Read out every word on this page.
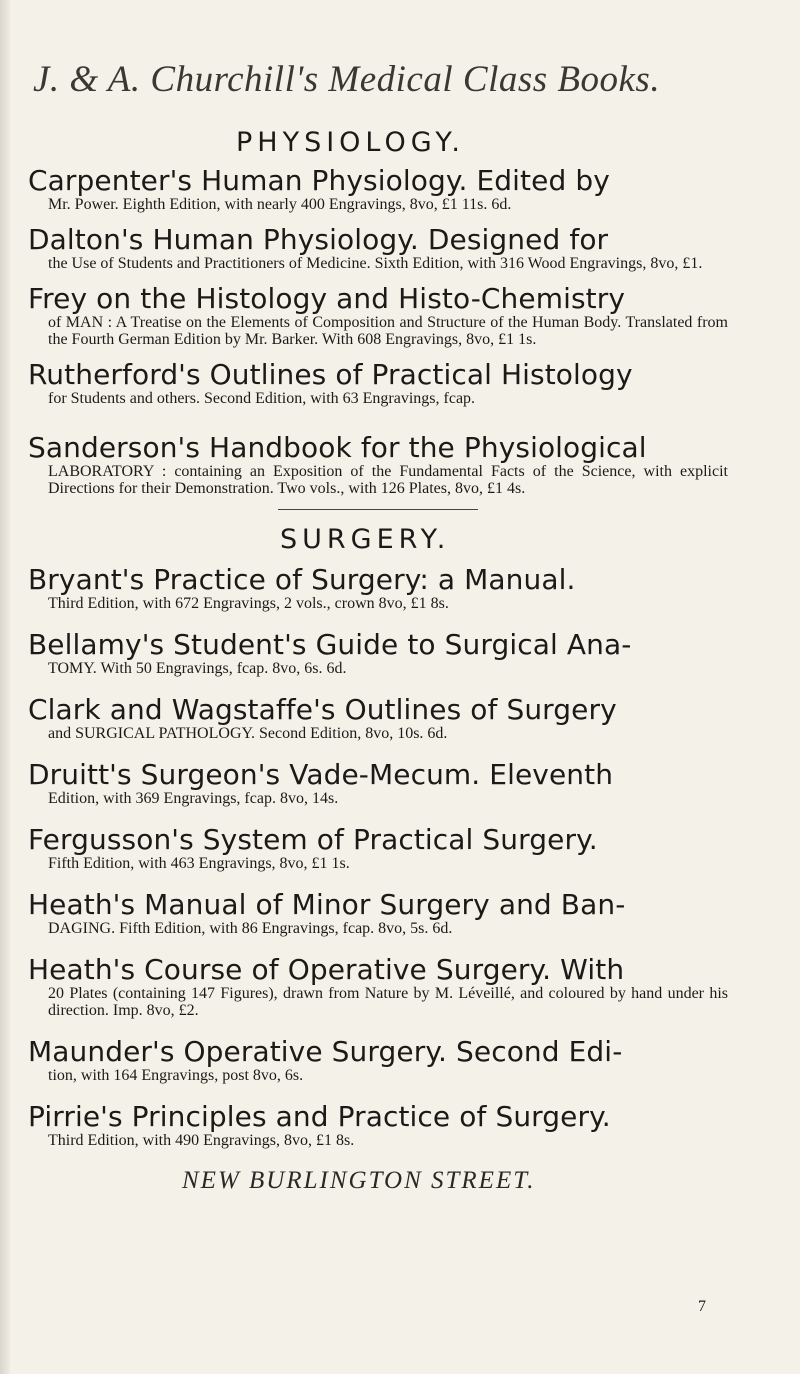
J. & A. Churchill's Medical Class Books.
PHYSIOLOGY.
Carpenter's Human Physiology. Edited by
Mr. Power. Eighth Edition, with nearly 400 Engravings, 8vo, £1 11s. 6d.
Dalton's Human Physiology. Designed for
the Use of Students and Practitioners of Medicine. Sixth Edition, with 316 Wood Engravings, 8vo, £1.
Frey on the Histology and Histo-Chemistry
of MAN : A Treatise on the Elements of Composition and Structure of the Human Body. Translated from the Fourth German Edition by Mr. Barker. With 608 Engravings, 8vo, £1 1s.
Rutherford's Outlines of Practical Histology
for Students and others. Second Edition, with 63 Engravings, fcap.
Sanderson's Handbook for the Physiological
LABORATORY : containing an Exposition of the Fundamental Facts of the Science, with explicit Directions for their Demonstration. Two vols., with 126 Plates, 8vo, £1 4s.
SURGERY.
Bryant's Practice of Surgery: a Manual.
Third Edition, with 672 Engravings, 2 vols., crown 8vo, £1 8s.
Bellamy's Student's Guide to Surgical Ana-
TOMY. With 50 Engravings, fcap. 8vo, 6s. 6d.
Clark and Wagstaffe's Outlines of Surgery
and SURGICAL PATHOLOGY. Second Edition, 8vo, 10s. 6d.
Druitt's Surgeon's Vade-Mecum. Eleventh
Edition, with 369 Engravings, fcap. 8vo, 14s.
Fergusson's System of Practical Surgery.
Fifth Edition, with 463 Engravings, 8vo, £1 1s.
Heath's Manual of Minor Surgery and Ban-
DAGING. Fifth Edition, with 86 Engravings, fcap. 8vo, 5s. 6d.
Heath's Course of Operative Surgery. With
20 Plates (containing 147 Figures), drawn from Nature by M. Léveillé, and coloured by hand under his direction. Imp. 8vo, £2.
Maunder's Operative Surgery. Second Edi-
tion, with 164 Engravings, post 8vo, 6s.
Pirrie's Principles and Practice of Surgery.
Third Edition, with 490 Engravings, 8vo, £1 8s.
NEW BURLINGTON STREET.
7
